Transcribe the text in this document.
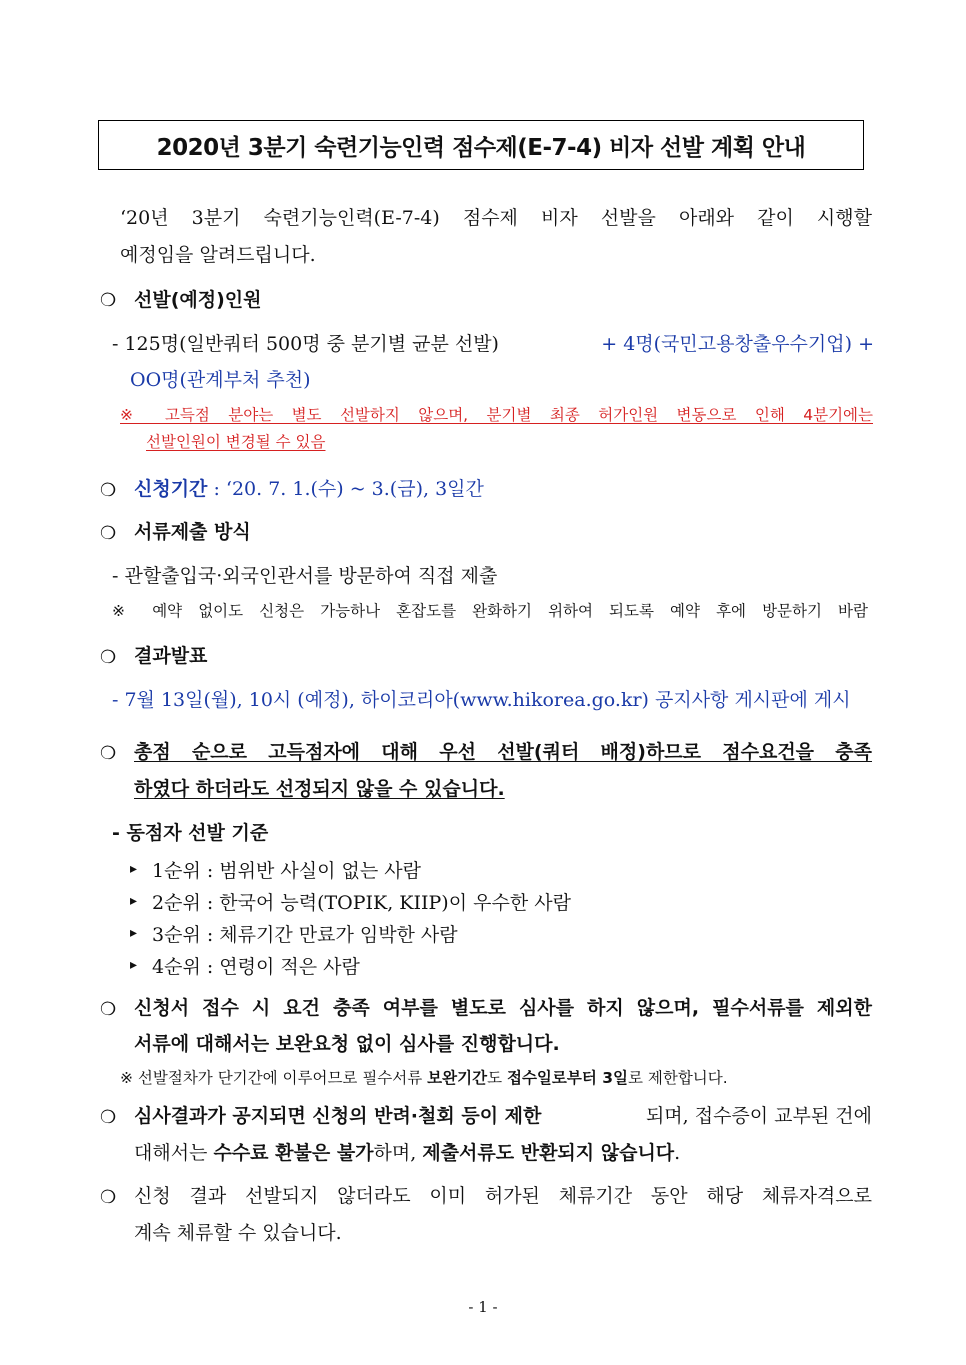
2020년 3분기 숙련기능인력 점수제(E-7-4) 비자 선발 계획 안내
‘20년 3분기 숙련기능인력(E-7-4) 점수제 비자 선발을 아래와 같이 시행할
예정임을 알려드립니다.
❍ 선발(예정)인원
- 125명(일반쿼터 500명 중 분기별 균분 선발)	+ 4명(국민고용창출우수기업) +
OO명(관계부처 추천)
※ 고득점 분야는 별도 선발하지 않으며, 분기별 최종 허가인원 변동으로 인해 4분기에는
선발인원이 변경될 수 있음
❍ 신청기간 : ‘20. 7. 1.(수) ~ 3.(금), 3일간
❍ 서류제출 방식
- 관할출입국·외국인관서를 방문하여 직접 제출
※ 예약 없이도 신청은 가능하나 혼잡도를 완화하기 위하여 되도록 예약 후에 방문하기 바람
❍ 결과발표
- 7월 13일(월), 10시 (예정), 하이코리아(www.hikorea.go.kr) 공지사항 게시판에 게시
❍ 총점 순으로 고득점자에 대해 우선 선발(쿼터 배정)하므로 점수요건을 충족
하였다 하더라도 선정되지 않을 수 있습니다.
- 동점자 선발 기준
▸ 1순위 : 범위반 사실이 없는 사람
▸ 2순위 : 한국어 능력(TOPIK, KIIP)이 우수한 사람
▸ 3순위 : 체류기간 만료가 임박한 사람
▸ 4순위 : 연령이 적은 사람
❍ 신청서 접수 시 요건 충족 여부를 별도로 심사를 하지 않으며, 필수서류를 제외한
서류에 대해서는 보완요청 없이 심사를 진행합니다.
※ 선발절차가 단기간에 이루어므로 필수서류 보완기간도 접수일로부터 3일로 제한합니다.
❍ 심사결과가 공지되면 신청의 반려·철회 등이 제한	되며, 접수증이 교부된 건에
대해서는 수수료 환불은 불가하며, 제출서류도 반환되지 않습니다.
❍ 신청 결과 선발되지 않더라도 이미 허가된 체류기간 동안 해당 체류자격으로
계속 체류할 수 있습니다.
- 1 -
